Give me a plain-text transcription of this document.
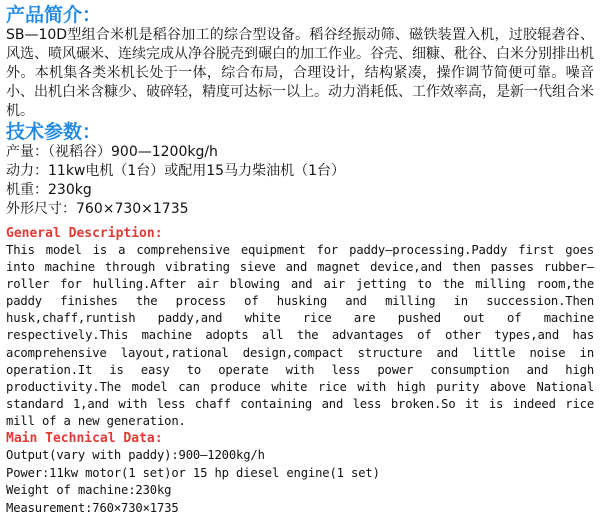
产品简介：

SB—10D型组合米机是稻谷加工的综合型设备。稻谷经振动筛、磁铁装置入机，过胶辊砻谷、风选、喷风碾米、连续完成从净谷脱壳到碾白的加工作业。谷壳、细糠、秕谷、白米分别排出机外。本机集各类米机长处于一体，综合布局，合理设计，结构紧凑，操作调节简便可靠。噪音小、出机白米含糠少、破碎轻，精度可达标一以上。动力消耗低、工作效率高，是新一代组合米机。

技术参数：

产量：（视稻谷）900—1200kg/h

动力：11kw电机（1台）或配用15马力柴油机（1台）

机重：230kg

外形尺寸：760×730×1735

General Description:

This model is a comprehensive equipment for paddy—processing.Paddy first goes into machine through vibrating sieve and magnet device,and then passes rubber—roller for hulling.After air blowing and air jetting to the milling room,the paddy finishes the process of husking and milling in succession.Then husk,chaff,runtish paddy,and white rice are pushed out of machine respectively.This machine adopts all the advantages of other types,and has acomprehensive layout,rational design,compact structure and little noise in operation.It is easy to operate with less power consumption and high productivity.The model can produce white rice with high purity above National standard 1,and with less chaff containing and less broken.So it is indeed rice mill of a new generation.

Main Technical Data:

Output(vary with paddy):900—1200kg/h

Power:11kw motor(1 set)or 15 hp diesel engine(1 set)

Weight of machine:230kg

Measurement:760×730×1735
